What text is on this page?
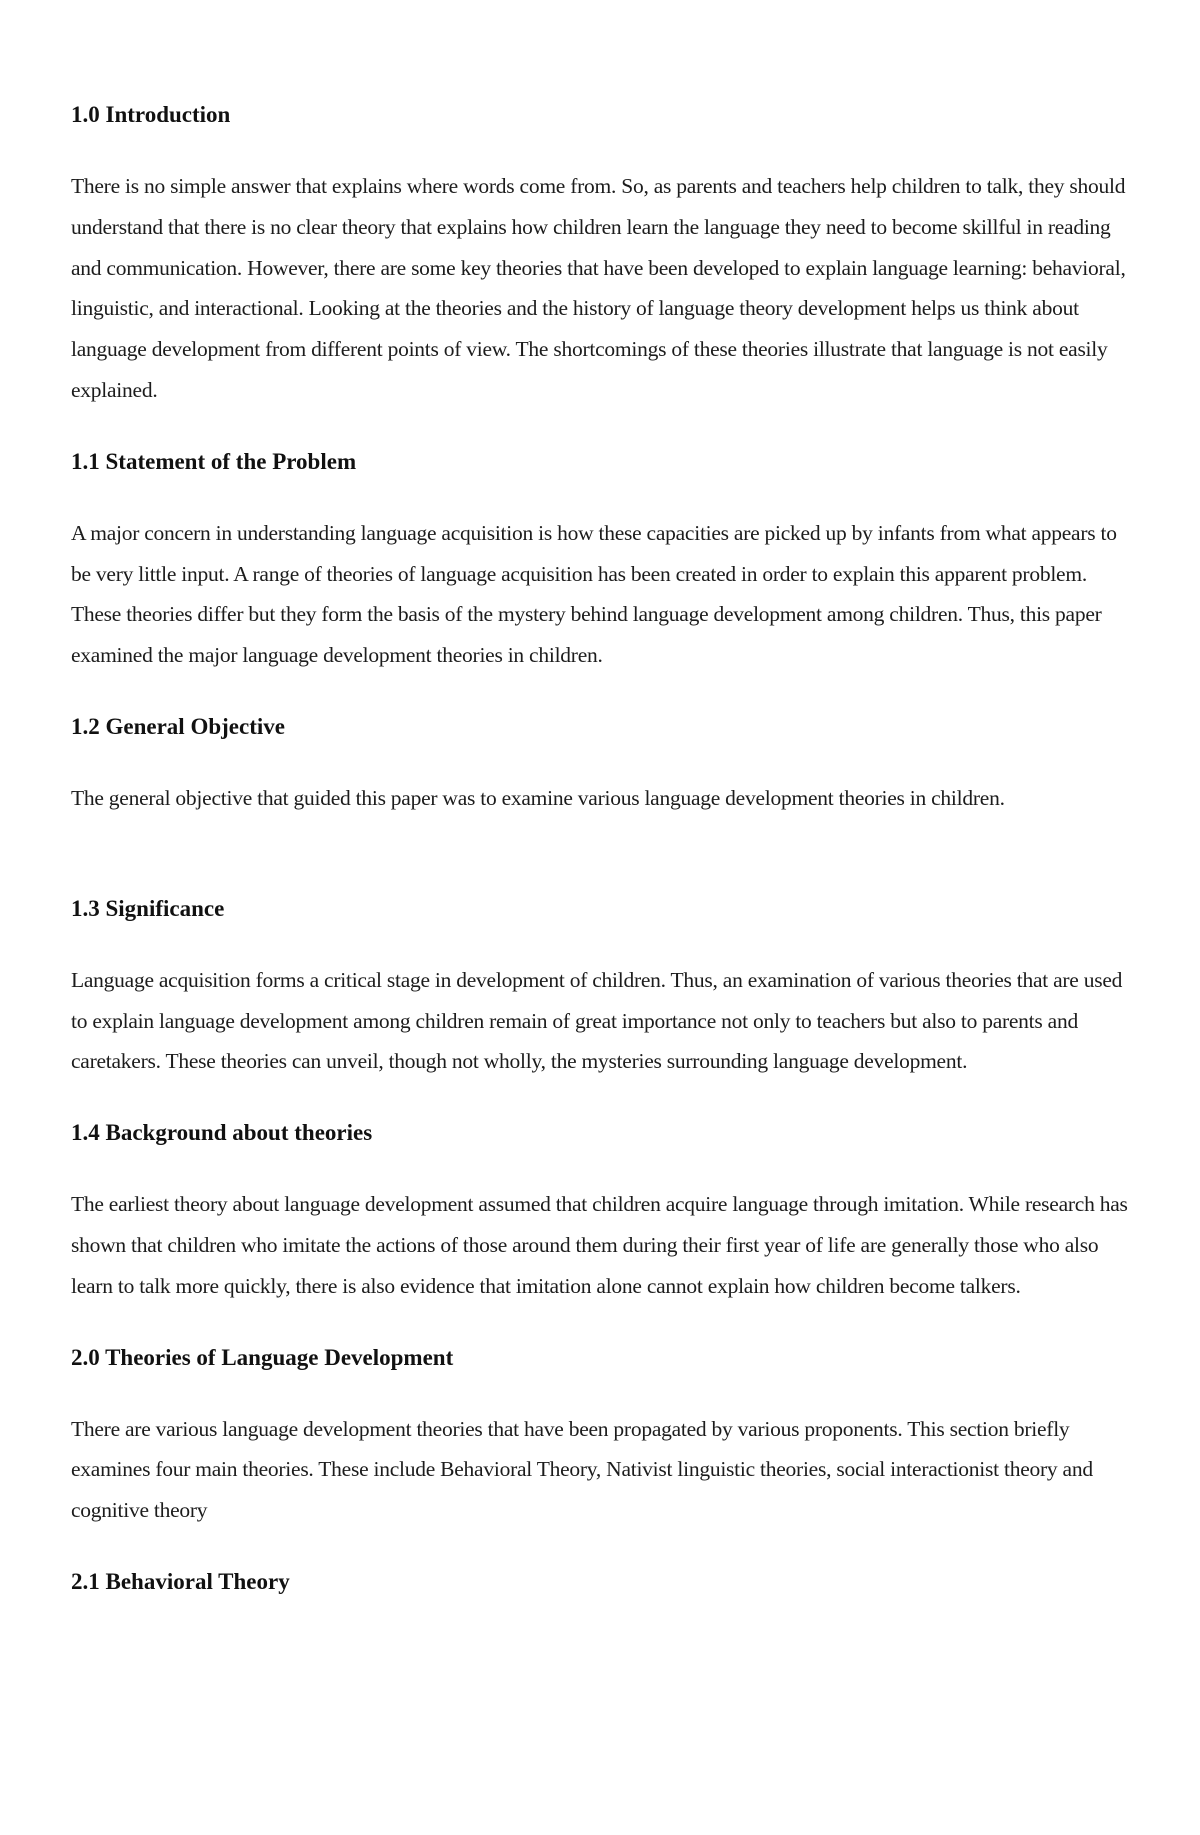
1.0 Introduction

There is no simple answer that explains where words come from. So, as parents and teachers help children to talk, they should understand that there is no clear theory that explains how children learn the language they need to become skillful in reading and communication. However, there are some key theories that have been developed to explain language learning: behavioral, linguistic, and interactional. Looking at the theories and the history of language theory development helps us think about language development from different points of view. The shortcomings of these theories illustrate that language is not easily explained.

1.1 Statement of the Problem

A major concern in understanding language acquisition is how these capacities are picked up by infants from what appears to be very little input. A range of theories of language acquisition has been created in order to explain this apparent problem. These theories differ but they form the basis of the mystery behind language development among children. Thus, this paper examined the major language development theories in children.

1.2 General Objective

The general objective that guided this paper was to examine various language development theories in children.

1.3 Significance

Language acquisition forms a critical stage in development of children. Thus, an examination of various theories that are used to explain language development among children remain of great importance not only to teachers but also to parents and caretakers. These theories can unveil, though not wholly, the mysteries surrounding language development.

1.4 Background about theories

The earliest theory about language development assumed that children acquire language through imitation. While research has shown that children who imitate the actions of those around them during their first year of life are generally those who also learn to talk more quickly, there is also evidence that imitation alone cannot explain how children become talkers.

2.0 Theories of Language Development

There are various language development theories that have been propagated by various proponents. This section briefly examines four main theories. These include Behavioral Theory, Nativist linguistic theories, social interactionist theory and cognitive theory

2.1 Behavioral Theory
